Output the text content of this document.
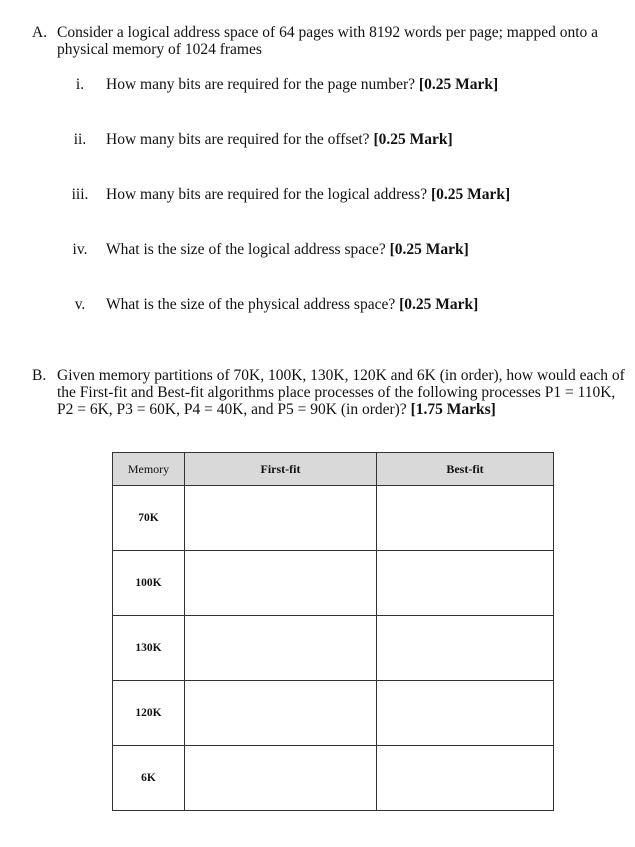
A. Consider a logical address space of 64 pages with 8192 words per page; mapped onto a physical memory of 1024 frames
i.	How many bits are required for the page number? [0.25 Mark]
ii.	How many bits are required for the offset? [0.25 Mark]
iii.	How many bits are required for the logical address? [0.25 Mark]
iv.	What is the size of the logical address space? [0.25 Mark]
v.	What is the size of the physical address space? [0.25 Mark]
B. Given memory partitions of 70K, 100K, 130K, 120K and 6K (in order), how would each of the First-fit and Best-fit algorithms place processes of the following processes P1 = 110K, P2 = 6K, P3 = 60K, P4 = 40K, and P5 = 90K (in order)? [1.75 Marks]
Memory	First-fit	Best-fit
70K		
100K		
130K		
120K		
6K		
